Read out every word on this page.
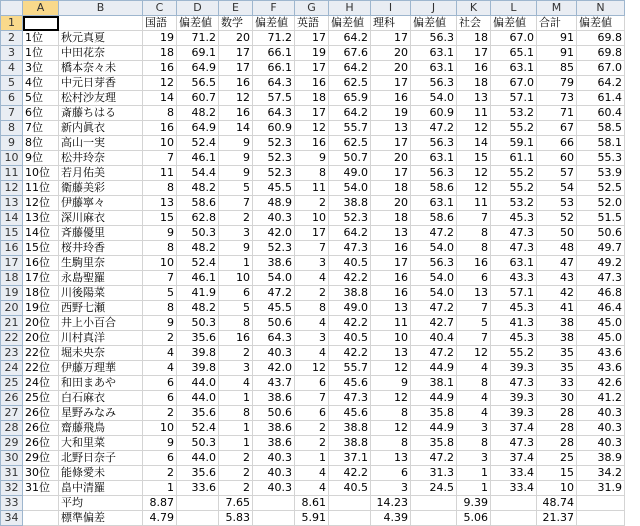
	A	B	C	D	E	F	G	H	I	J	K	L	M	N
1			国語	偏差値	数学	偏差値	英語	偏差値	理科	偏差値	社会	偏差値	合計	偏差値
2	1位	秋元真夏	19	71.2	20	71.2	17	64.2	17	56.3	18	67.0	91	69.8
3	1位	中田花奈	18	69.1	17	66.1	19	67.6	20	63.1	17	65.1	91	69.8
4	3位	橋本奈々未	16	64.9	17	66.1	17	64.2	20	63.1	16	63.1	85	67.0
5	4位	中元日芽香	12	56.5	16	64.3	16	62.5	17	56.3	18	67.0	79	64.2
6	5位	松村沙友理	14	60.7	12	57.5	18	65.9	16	54.0	13	57.1	73	61.4
7	6位	斎藤ちはる	8	48.2	16	64.3	17	64.2	19	60.9	11	53.2	71	60.4
8	7位	新内眞衣	16	64.9	14	60.9	12	55.7	13	47.2	12	55.2	67	58.5
9	8位	高山一実	10	52.4	9	52.3	16	62.5	17	56.3	14	59.1	66	58.1
10	9位	松井玲奈	7	46.1	9	52.3	9	50.7	20	63.1	15	61.1	60	55.3
11	10位	若月佑美	11	54.4	9	52.3	8	49.0	17	56.3	12	55.2	57	53.9
12	11位	衛藤美彩	8	48.2	5	45.5	11	54.0	18	58.6	12	55.2	54	52.5
13	12位	伊藤寧々	13	58.6	7	48.9	2	38.8	20	63.1	11	53.2	53	52.0
14	13位	深川麻衣	15	62.8	2	40.3	10	52.3	18	58.6	7	45.3	52	51.5
15	14位	斉藤優里	9	50.3	3	42.0	17	64.2	13	47.2	8	47.3	50	50.6
16	15位	桜井玲香	8	48.2	9	52.3	7	47.3	16	54.0	8	47.3	48	49.7
17	16位	生駒里奈	10	52.4	1	38.6	3	40.5	17	56.3	16	63.1	47	49.2
18	17位	永島聖羅	7	46.1	10	54.0	4	42.2	16	54.0	6	43.3	43	47.3
19	18位	川後陽菜	5	41.9	6	47.2	2	38.8	16	54.0	13	57.1	42	46.8
20	19位	西野七瀬	8	48.2	5	45.5	8	49.0	13	47.2	7	45.3	41	46.4
21	20位	井上小百合	9	50.3	8	50.6	4	42.2	11	42.7	5	41.3	38	45.0
22	20位	川村真洋	2	35.6	16	64.3	3	40.5	10	40.4	7	45.3	38	45.0
23	22位	堀未央奈	4	39.8	2	40.3	4	42.2	13	47.2	12	55.2	35	43.6
24	22位	伊藤万理華	4	39.8	3	42.0	12	55.7	12	44.9	4	39.3	35	43.6
25	24位	和田まあや	6	44.0	4	43.7	6	45.6	9	38.1	8	47.3	33	42.6
26	25位	白石麻衣	6	44.0	1	38.6	7	47.3	12	44.9	4	39.3	30	41.2
27	26位	星野みなみ	2	35.6	8	50.6	6	45.6	8	35.8	4	39.3	28	40.3
28	26位	齋藤飛鳥	10	52.4	1	38.6	2	38.8	12	44.9	3	37.4	28	40.3
29	26位	大和里菜	9	50.3	1	38.6	2	38.8	8	35.8	8	47.3	28	40.3
30	29位	北野日奈子	6	44.0	2	40.3	1	37.1	13	47.2	3	37.4	25	38.9
31	30位	能條愛未	2	35.6	2	40.3	4	42.2	6	31.3	1	33.4	15	34.2
32	31位	畠中清羅	1	33.6	2	40.3	4	40.5	3	24.5	1	33.4	10	31.9
33		平均	8.87		7.65		8.61		14.23		9.39		48.74	
34		標準偏差	4.79		5.83		5.91		4.39		5.06		21.37	
